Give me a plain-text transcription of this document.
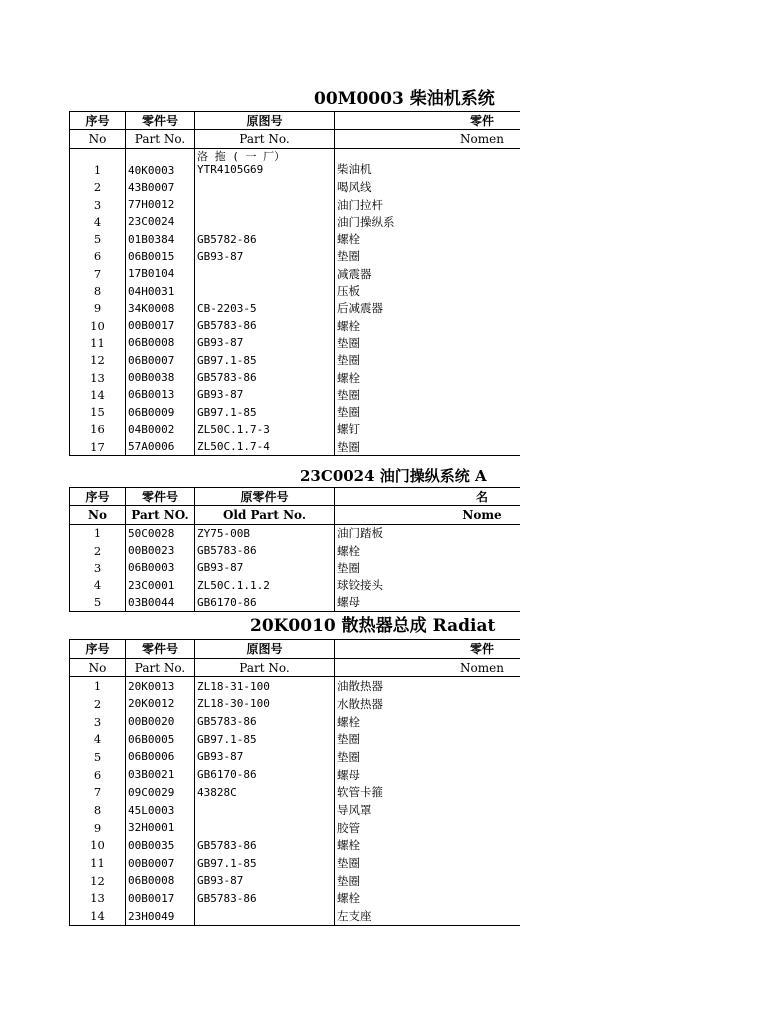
00M0003 柴油机系统
序号	零件号	原图号	零件
No	Part No.	Part No.	Nomen
1	40K0003	洛 拖 ( 一 厂）YTR4105G69	柴油机
2	43B0007		喝风线
3	77H0012		油门拉杆
4	23C0024		油门操纵系
5	01B0384	GB5782-86	螺栓
6	06B0015	GB93-87	垫圈
7	17B0104		减震器
8	04H0031		压板
9	34K0008	CB-2203-5	后减震器
10	00B0017	GB5783-86	螺栓
11	06B0008	GB93-87	垫圈
12	06B0007	GB97.1-85	垫圈
13	00B0038	GB5783-86	螺栓
14	06B0013	GB93-87	垫圈
15	06B0009	GB97.1-85	垫圈
16	04B0002	ZL50C.1.7-3	螺钉
17	57A0006	ZL50C.1.7-4	垫圈
23C0024 油门操纵系统 A
序号	零件号	原零件号	名
No	Part NO.	Old Part No.	Nome
1	50C0028	ZY75-00B	油门踏板
2	00B0023	GB5783-86	螺栓
3	06B0003	GB93-87	垫圈
4	23C0001	ZL50C.1.1.2	球铰接头
5	03B0044	GB6170-86	螺母
20K0010 散热器总成 Radiat
序号	零件号	原图号	零件
No	Part No.	Part No.	Nomen
1	20K0013	ZL18-31-100	油散热器
2	20K0012	ZL18-30-100	水散热器
3	00B0020	GB5783-86	螺栓
4	06B0005	GB97.1-85	垫圈
5	06B0006	GB93-87	垫圈
6	03B0021	GB6170-86	螺母
7	09C0029	43828C	软管卡箍
8	45L0003		导风罩
9	32H0001		胶管
10	00B0035	GB5783-86	螺栓
11	00B0007	GB97.1-85	垫圈
12	06B0008	GB93-87	垫圈
13	00B0017	GB5783-86	螺栓
14	23H0049		左支座
